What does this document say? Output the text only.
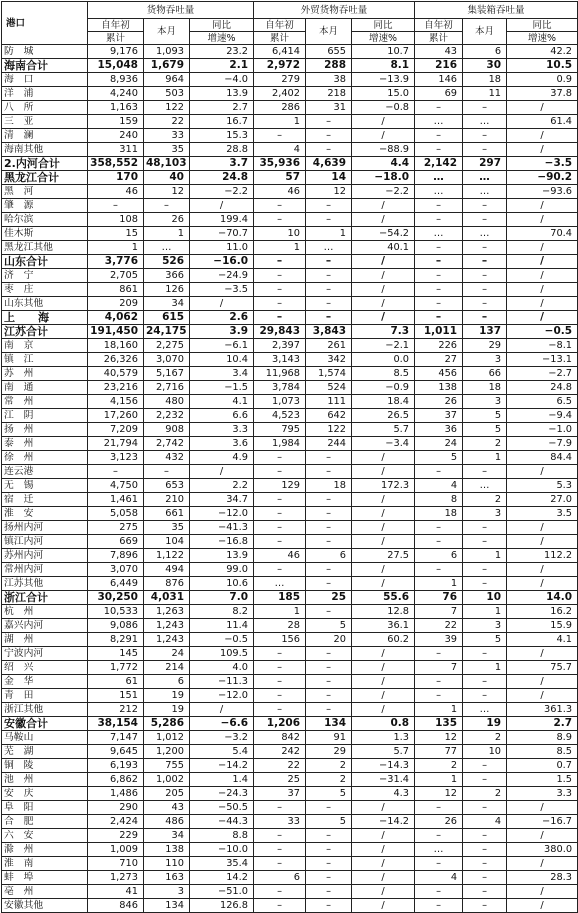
港口	货物吞吐量			外贸货物吞吐量			集装箱吞吐量		
	自年初	本月	同比	自年初	本月	同比	自年初	本月	同比
	累计		增速%	累计		增速%	累计		增速%
防　城	9,176	1,093	23.2	6,414	655	10.7	43	6	42.2
海南合计	15,048	1,679	2.1	2,972	288	8.1	216	30	10.5
海　口	8,936	964	−4.0	279	38	−13.9	146	18	0.9
洋　浦	4,240	503	13.9	2,402	218	15.0	69	11	37.8
八　所	1,163	122	2.7	286	31	−0.8	–	–	/
三　亚	159	22	16.7	1	–	/	…	…	61.4
清　澜	240	33	15.3	–	–	/	–	–	/
海南其他	311	35	28.8	4	–	−88.9	–	–	/
2.内河合计	358,552	48,103	3.7	35,936	4,639	4.4	2,142	297	−3.5
黑龙江合计	170	40	24.8	57	14	−18.0	…	…	−90.2
黑　河	46	12	−2.2	46	12	−2.2	…	…	−93.6
肇　源	–	–	/	–	–	/	–	–	/
哈尔滨	108	26	199.4	–	–	/	–	–	/
佳木斯	15	1	−70.7	10	1	−54.2	…	…	70.4
黑龙江其他	1	…	11.0	1	…	40.1	–	–	/
山东合计	3,776	526	−16.0	–	–	/	–	–	/
济　宁	2,705	366	−24.9	–	–	/	–	–	/
枣　庄	861	126	−3.5	–	–	/	–	–	/
山东其他	209	34	/	–	–	/	–	–	/
上　海	4,062	615	2.6	–	–	/	–	–	/
江苏合计	191,450	24,175	3.9	29,843	3,843	7.3	1,011	137	−0.5
南　京	18,160	2,275	−6.1	2,397	261	−2.1	226	29	−8.1
镇　江	26,326	3,070	10.4	3,143	342	0.0	27	3	−13.1
苏　州	40,579	5,167	3.4	11,968	1,574	8.5	456	66	−2.7
南　通	23,216	2,716	−1.5	3,784	524	−0.9	138	18	24.8
常　州	4,156	480	4.1	1,073	111	18.4	26	3	6.5
江　阴	17,260	2,232	6.6	4,523	642	26.5	37	5	−9.4
扬　州	7,209	908	3.3	795	122	5.7	36	5	−1.0
泰　州	21,794	2,742	3.6	1,984	244	−3.4	24	2	−7.9
徐　州	3,123	432	4.9	–	–	/	5	1	84.4
连云港	–	–	/	–	–	/	–	–	/
无　锡	4,750	653	2.2	129	18	172.3	4	…	5.3
宿　迁	1,461	210	34.7	–	–	/	8	2	27.0
淮　安	5,058	661	−12.0	–	–	/	18	3	3.5
扬州内河	275	35	−41.3	–	–	/	–	–	/
镇江内河	669	104	−16.8	–	–	/	–	–	/
苏州内河	7,896	1,122	13.9	46	6	27.5	6	1	112.2
常州内河	3,070	494	99.0	–	–	/	–	–	/
江苏其他	6,449	876	10.6	…	–	/	1	–	/
浙江合计	30,250	4,031	7.0	185	25	55.6	76	10	14.0
杭　州	10,533	1,263	8.2	1	–	12.8	7	1	16.2
嘉兴内河	9,086	1,243	11.4	28	5	36.1	22	3	15.9
湖　州	8,291	1,243	−0.5	156	20	60.2	39	5	4.1
宁波内河	145	24	109.5	–	–	/	–	–	/
绍　兴	1,772	214	4.0	–	–	/	7	1	75.7
金　华	61	6	−11.3	–	–	/	–	–	/
青　田	151	19	−12.0	–	–	/	–	–	/
浙江其他	212	19	/	–	–	/	1	…	361.3
安徽合计	38,154	5,286	−6.6	1,206	134	0.8	135	19	2.7
马鞍山	7,147	1,012	−3.2	842	91	1.3	12	2	8.9
芜　湖	9,645	1,200	5.4	242	29	5.7	77	10	8.5
铜　陵	6,193	755	−14.2	22	2	−14.3	2	–	0.7
池　州	6,862	1,002	1.4	25	2	−31.4	1	–	1.5
安　庆	1,486	205	−24.3	37	5	4.3	12	2	3.3
阜　阳	290	43	−50.5	–	–	/	–	–	/
合　肥	2,424	486	−44.3	33	5	−14.2	26	4	−16.7
六　安	229	34	8.8	–	–	/	–	–	/
滁　州	1,009	138	−10.0	–	–	/	…	–	380.0
淮　南	710	110	35.4	–	–	/	–	–	/
蚌　埠	1,273	163	14.2	6	–	/	4	–	28.3
亳　州	41	3	−51.0	–	–	/	–	–	/
安徽其他	846	134	126.8	–	–	/	–	–	/
